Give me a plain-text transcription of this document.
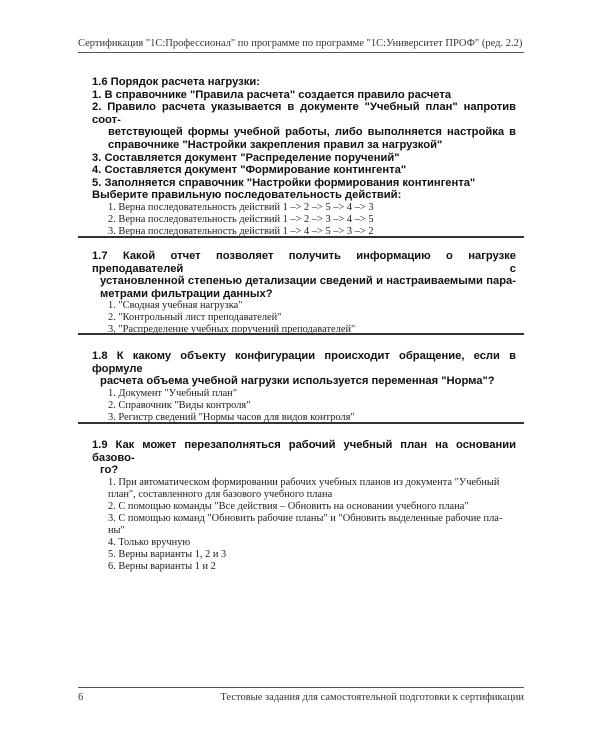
Сертификация "1С:Профессионал" по программе по программе "1С:Университет ПРОФ" (ред. 2.2)
1.6 Порядок расчета нагрузки:
1. В справочнике "Правила расчета" создается правило расчета
2. Правило расчета указывается в документе "Учебный план" напротив соот-
ветствующей формы учебной работы, либо выполняется настройка в
справочнике "Настройки закрепления правил за нагрузкой"
3. Составляется документ "Распределение поручений"
4. Составляется документ "Формирование контингента"
5. Заполняется справочник "Настройки формирования контингента"
Выберите правильную последовательность действий:
1. Верна последовательность действий 1 –> 2 –> 5 –> 4 –> 3
2. Верна последовательность действий 1 –> 2 –> 3 –> 4 –> 5
3. Верна последовательность действий 1 –> 4 –> 5 –> 3 –> 2
1.7 Какой отчет позволяет получить информацию о нагрузке преподавателей с
установленной степенью детализации сведений и настраиваемыми пара-
метрами фильтрации данных?
1. "Сводная учебная нагрузка"
2. "Контрольный лист преподавателей"
3. "Распределение учебных поручений преподавателей"
1.8 К какому объекту конфигурации происходит обращение, если в формуле
расчета объема учебной нагрузки используется переменная "Норма"?
1. Документ "Учебный план"
2. Справочник "Виды контроля"
3. Регистр сведений "Нормы часов для видов контроля"
1.9 Как может перезаполняться рабочий учебный план на основании базово-
го?
1. При автоматическом формировании рабочих учебных планов из документа "Учебный
план", составленного для базового учебного плана
2. С помощью команды "Все действия – Обновить на основании учебного плана"
3. С помощью команд "Обновить рабочие планы" и "Обновить выделенные рабочие пла-
ны"
4. Только вручную
5. Верны варианты 1, 2 и 3
6. Верны варианты 1 и 2
6	Тестовые задания для самостоятельной подготовки к сертификации
